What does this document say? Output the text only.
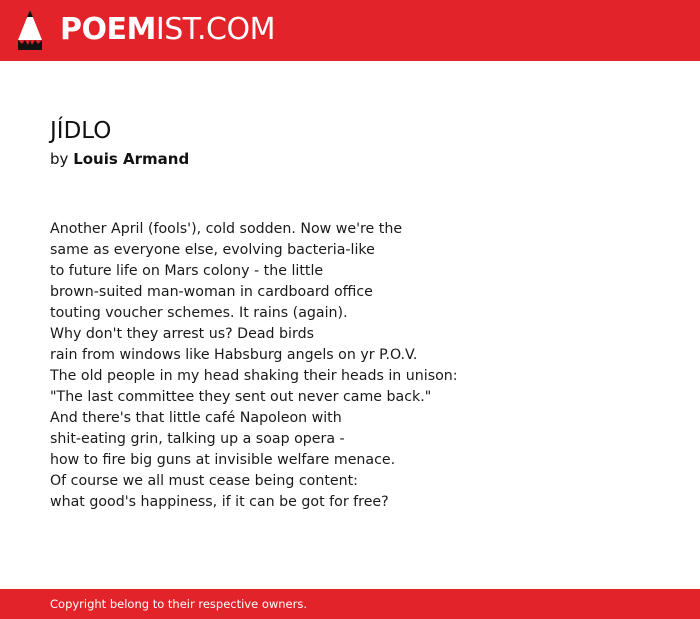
POEMIST.COM
JÍDLO
by Louis Armand
Another April (fools'), cold sodden. Now we're the
same as everyone else, evolving bacteria-like
to future life on Mars colony - the little
brown-suited man-woman in cardboard office
touting voucher schemes. It rains (again).
Why don't they arrest us? Dead birds
rain from windows like Habsburg angels on yr P.O.V.
The old people in my head shaking their heads in unison:
"The last committee they sent out never came back."
And there's that little café Napoleon with
shit-eating grin, talking up a soap opera -
how to fire big guns at invisible welfare menace.
Of course we all must cease being content:
what good's happiness, if it can be got for free?
Copyright belong to their respective owners.
